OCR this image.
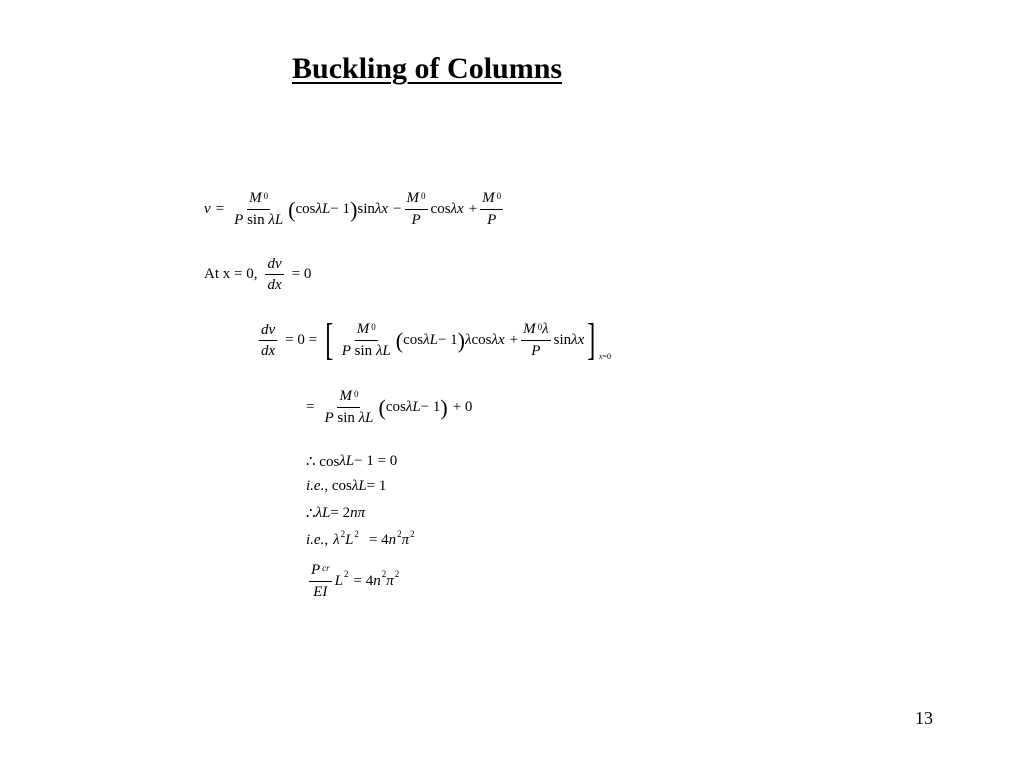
Buckling of Columns
$v = \frac{M ^0}{\text{P sin λL}}$ ( cos λL − 1 ) $\sin \lambda x - \frac{M ^0}{P}$ $\cos \lambda x + \frac{M ^0}{P}$
At x = 0, $\frac{dv}{dx} = 0$
$\frac{dv}{dx} = 0$ = [ $\frac{M ^0}{\text{P sin λL}}$ ( cos λL − 1 ) λ $\cos \lambda x + \frac{M ^0\lambda}{P}$ sin λx ] x=0
= $\frac{M ^0}{\text{P sin λL}}$ ( cos λL − 1 ) + 0
∴ cos λL − 1 = 0
i.e. , cos λL = 1
∴ λL = 2 nπ
i.e. , λ 2 L 2 = 4 n 2 π 2
$\frac{P ^{cr}}{EI}$ L 2 = 4 n 2 π 2
13
